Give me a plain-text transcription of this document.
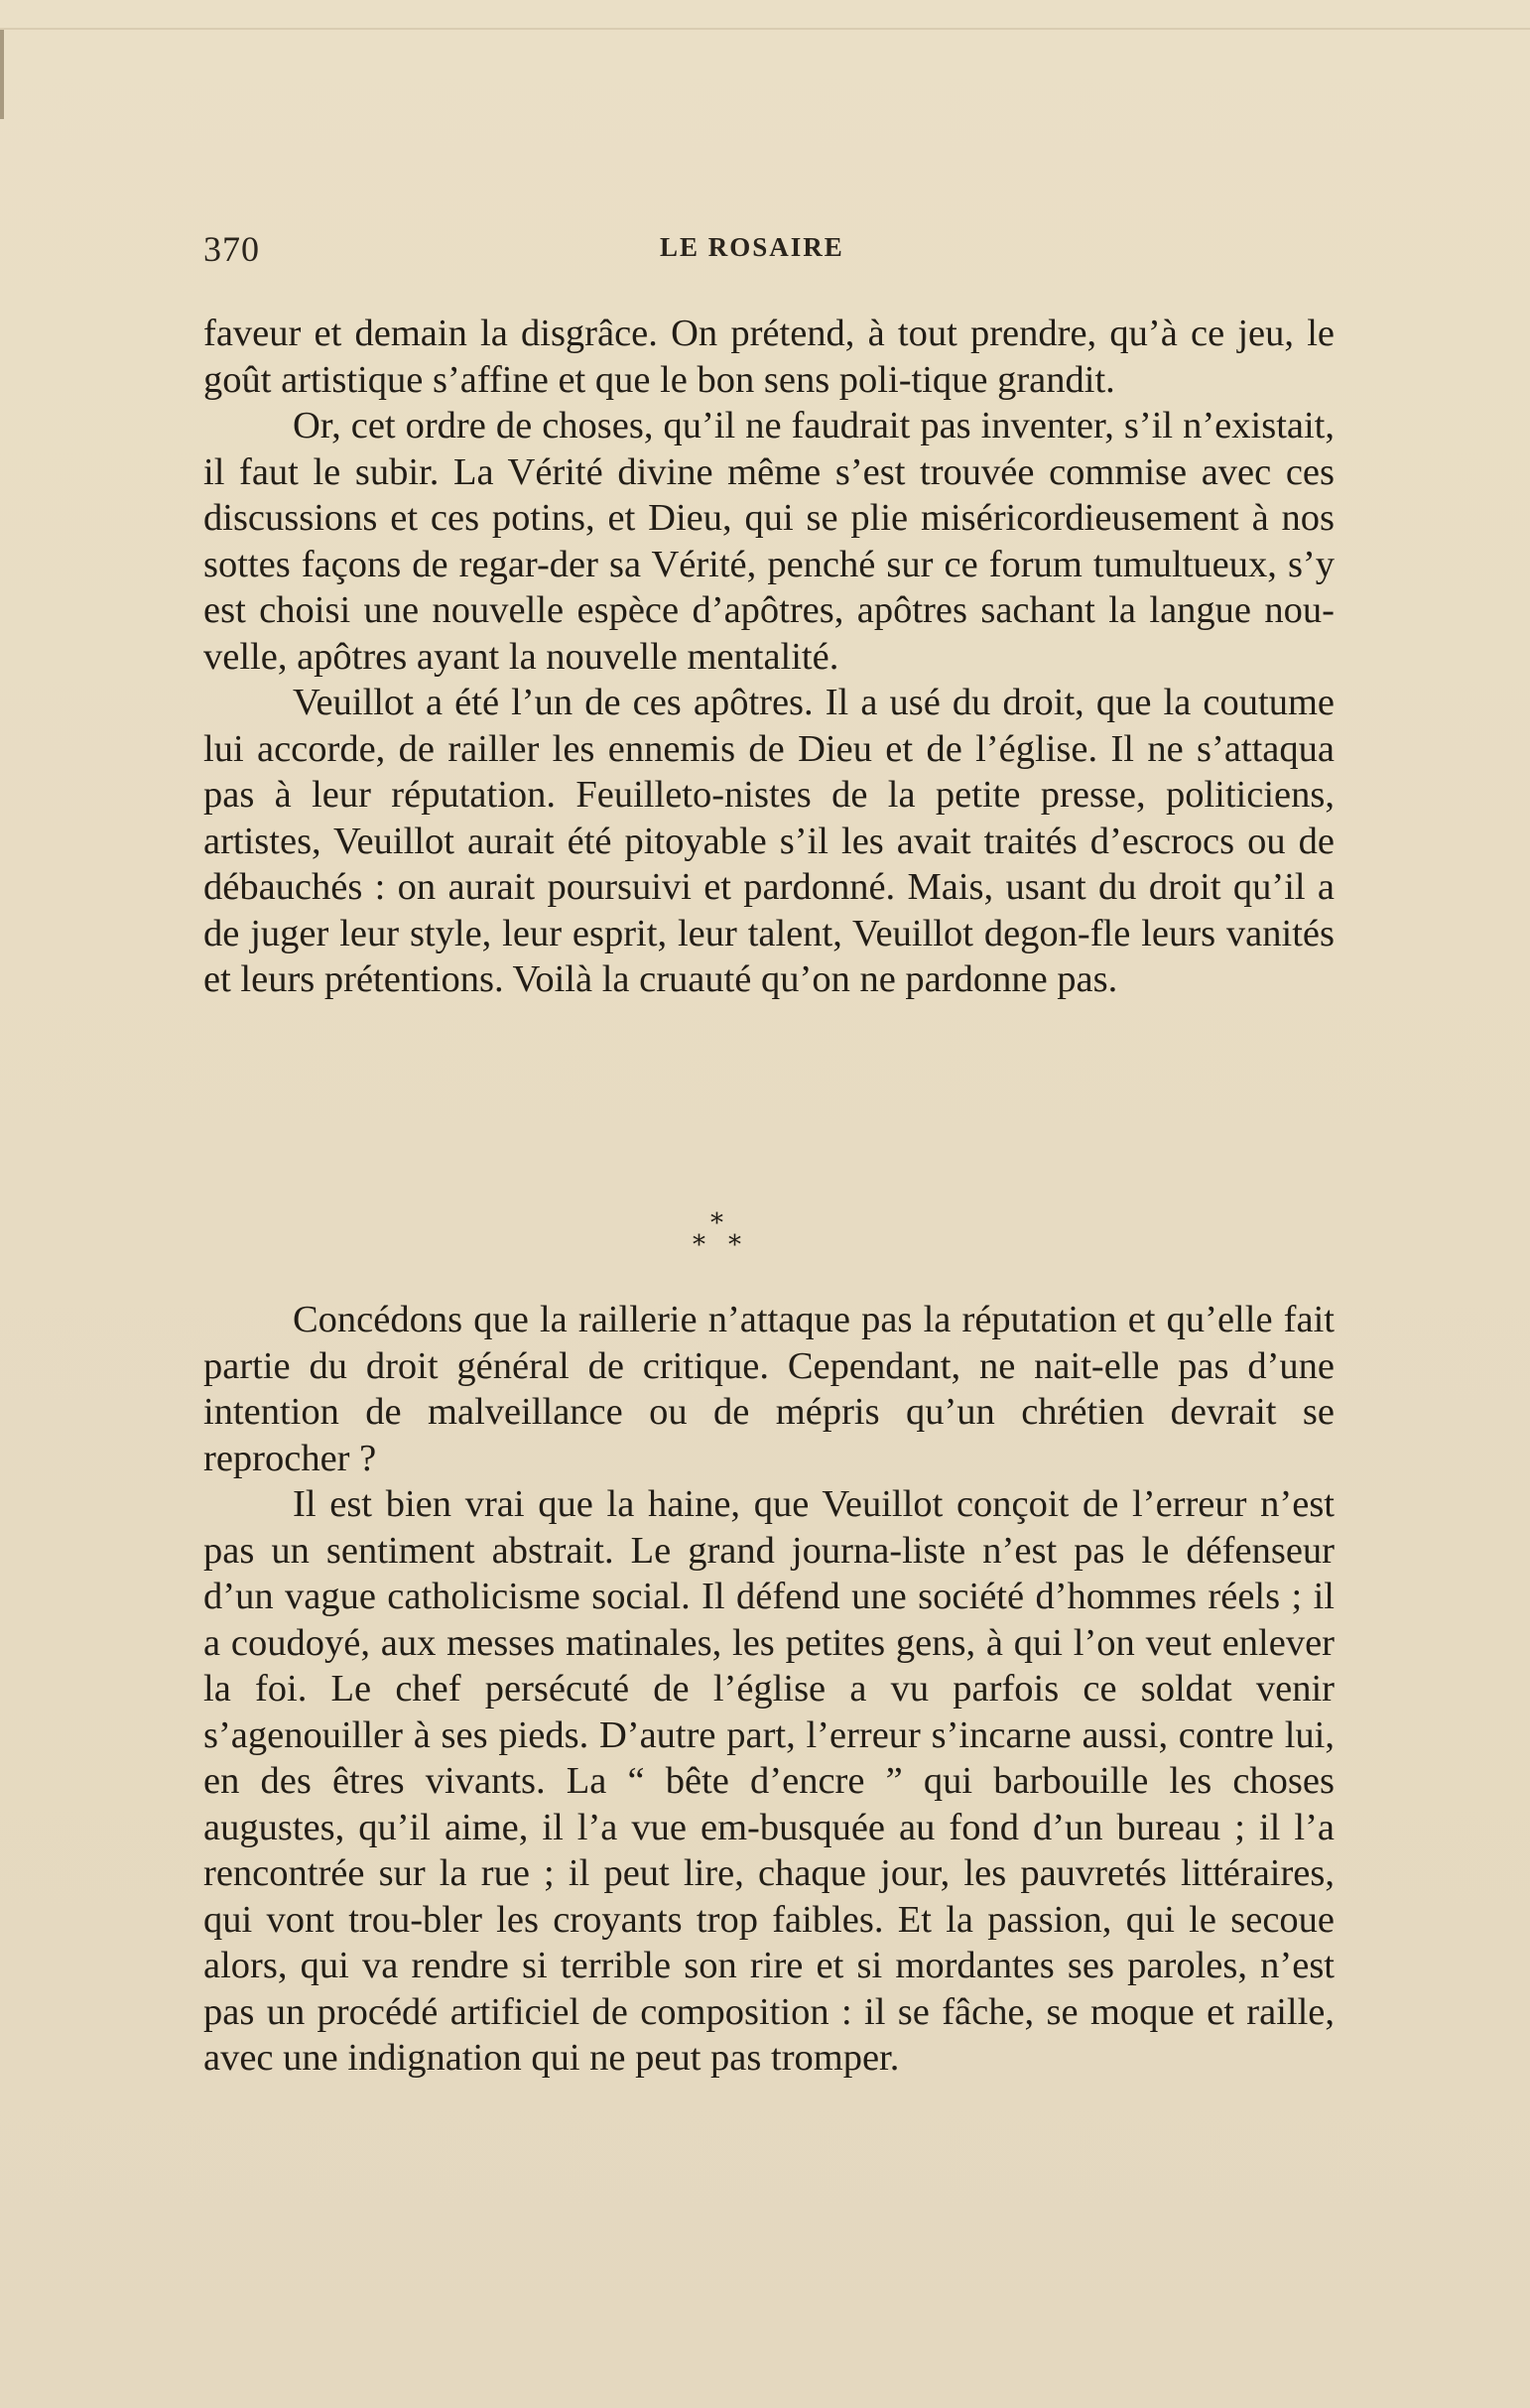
370	LE ROSAIRE

faveur et demain la disgrâce. On prétend, à tout prendre, qu’à ce jeu, le goût artistique s’affine et que le bon sens poli-tique grandit.

Or, cet ordre de choses, qu’il ne faudrait pas inventer, s’il n’existait, il faut le subir. La Vérité divine même s’est trouvée commise avec ces discussions et ces potins, et Dieu, qui se plie miséricordieusement à nos sottes façons de regar-der sa Vérité, penché sur ce forum tumultueux, s’y est choisi une nouvelle espèce d’apôtres, apôtres sachant la langue nou-velle, apôtres ayant la nouvelle mentalité.

Veuillot a été l’un de ces apôtres. Il a usé du droit, que la coutume lui accorde, de railler les ennemis de Dieu et de l’église. Il ne s’attaqua pas à leur réputation. Feuilleto-nistes de la petite presse, politiciens, artistes, Veuillot aurait été pitoyable s’il les avait traités d’escrocs ou de débauchés : on aurait poursuivi et pardonné. Mais, usant du droit qu’il a de juger leur style, leur esprit, leur talent, Veuillot degon-fle leurs vanités et leurs prétentions. Voilà la cruauté qu’on ne pardonne pas.

*
* *

Concédons que la raillerie n’attaque pas la réputation et qu’elle fait partie du droit général de critique. Cependant, ne nait-elle pas d’une intention de malveillance ou de mépris qu’un chrétien devrait se reprocher ?

Il est bien vrai que la haine, que Veuillot conçoit de l’erreur n’est pas un sentiment abstrait. Le grand journa-liste n’est pas le défenseur d’un vague catholicisme social. Il défend une société d’hommes réels ; il a coudoyé, aux messes matinales, les petites gens, à qui l’on veut enlever la foi. Le chef persécuté de l’église a vu parfois ce soldat venir s’agenouiller à ses pieds. D’autre part, l’erreur s’incarne aussi, contre lui, en des êtres vivants. La “ bête d’encre ” qui barbouille les choses augustes, qu’il aime, il l’a vue em-busquée au fond d’un bureau ; il l’a rencontrée sur la rue ; il peut lire, chaque jour, les pauvretés littéraires, qui vont trou-bler les croyants trop faibles. Et la passion, qui le secoue alors, qui va rendre si terrible son rire et si mordantes ses paroles, n’est pas un procédé artificiel de composition : il se fâche, se moque et raille, avec une indignation qui ne peut pas tromper.
